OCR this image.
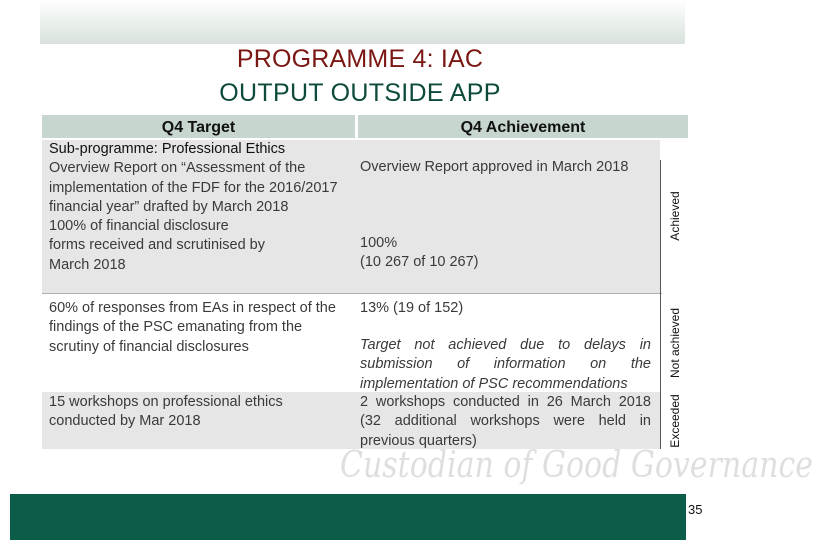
PROGRAMME 4: IAC
OUTPUT OUTSIDE APP
Q4 Target	Q4 Achievement
Sub-programme: Professional Ethics
Overview Report on “Assessment of the implementation of the FDF for the 2016/2017 financial year” drafted by March 2018
100% of financial disclosure forms received and scrutinised by March 2018
Overview Report approved in March 2018
100%
(10 267 of 10 267)
Achieved
60% of responses from EAs in respect of the findings of the PSC emanating from the scrutiny of financial disclosures
13% (19 of 152)
Target not achieved due to delays in submission of information on the implementation of PSC recommendations
Not achieved
15 workshops on professional ethics conducted by Mar 2018
2 workshops conducted in 26 March 2018 (32 additional workshops were held in previous quarters)	Exceeded
Custodian of Good Governance
35
